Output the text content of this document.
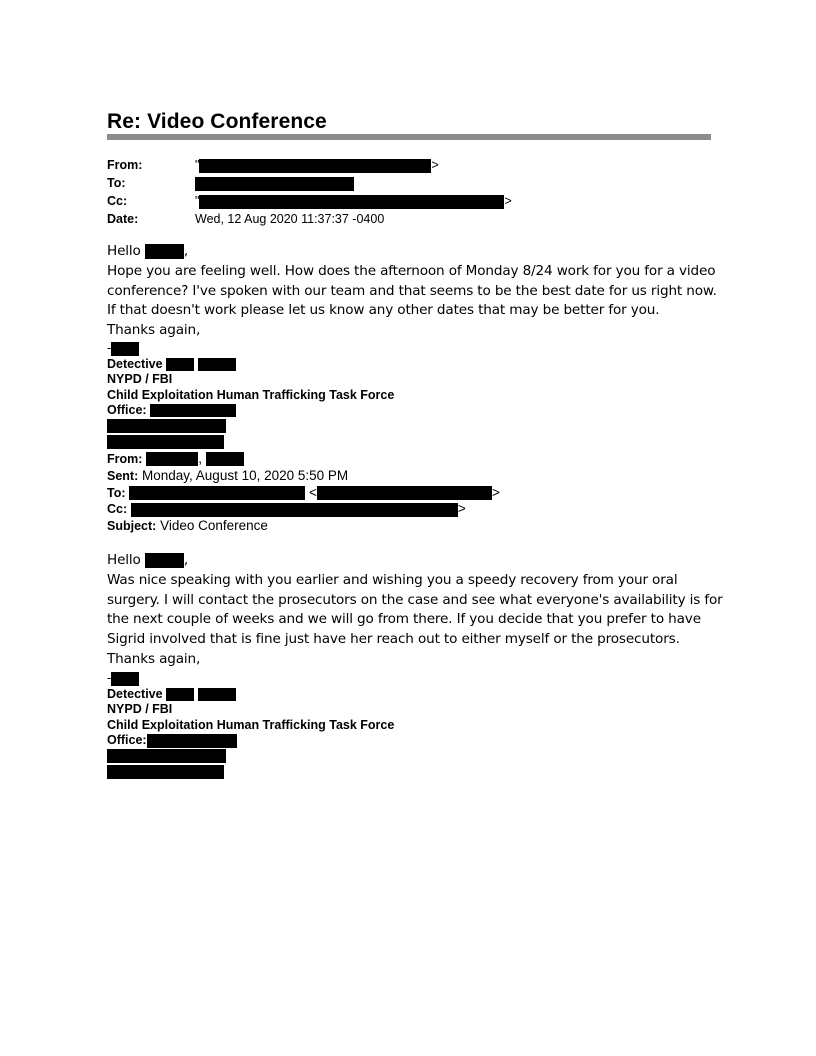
Re: Video Conference
From:	"	>
To:
Cc:	"	>
Date:	Wed, 12 Aug 2020 11:37:37 -0400

Hello	,

Hope you are feeling well. How does the afternoon of Monday 8/24 work for you for a video conference? I've spoken with our team and that seems to be the best date for us right now. If that doesn't work please let us know any other dates that may be better for you.

Thanks again,

-
Detective
NYPD / FBI
Child Exploitation Human Trafficking Task Force
Office:
From:	,
Sent: Monday, August 10, 2020 5:50 PM
To:	<	>
Cc:	>
Subject: Video Conference

Hello	,

Was nice speaking with you earlier and wishing you a speedy recovery from your oral surgery. I will contact the prosecutors on the case and see what everyone's availability is for the next couple of weeks and we will go from there. If you decide that you prefer to have Sigrid involved that is fine just have her reach out to either myself or the prosecutors.

Thanks again,

-
Detective
NYPD / FBI
Child Exploitation Human Trafficking Task Force
Office:
